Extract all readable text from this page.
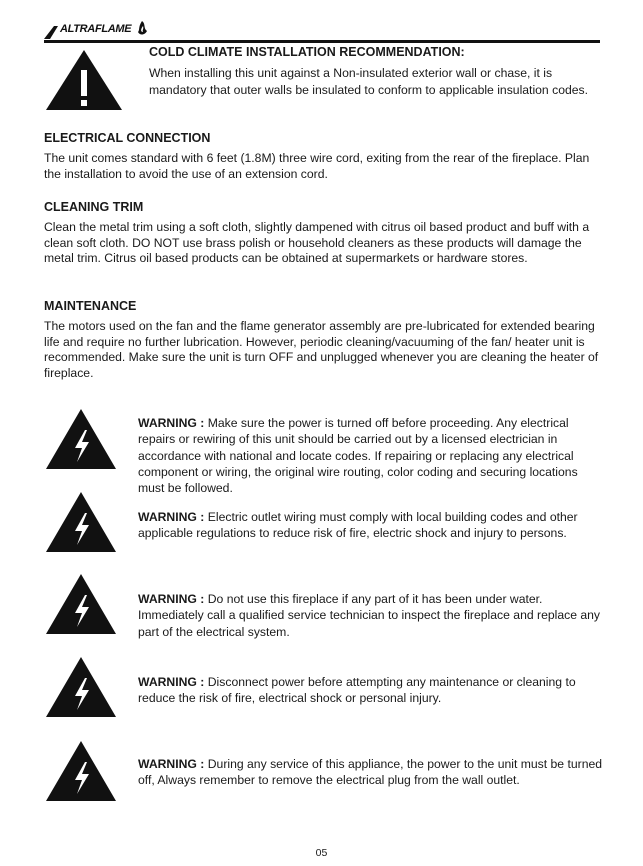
ALTRAFLAME
COLD CLIMATE INSTALLATION RECOMMENDATION:
When installing this unit against a Non-insulated exterior wall or chase, it is mandatory that outer walls be insulated to conform to applicable insulation codes.
ELECTRICAL CONNECTION
The unit comes standard with 6 feet (1.8M) three wire cord, exiting from the rear of the fireplace. Plan the installation to avoid the use of an extension cord.
CLEANING TRIM
Clean the metal trim using a soft cloth, slightly dampened with citrus oil based product and buff with a clean soft cloth. DO NOT use brass polish or household cleaners as these products will damage the metal trim. Citrus oil based products can be obtained at supermarkets or hardware stores.
MAINTENANCE
The motors used on the fan and the flame generator assembly are pre-lubricated for extended bearing life and require no further lubrication. However, periodic cleaning/vacuuming of the fan/ heater unit is recommended. Make sure the unit is turn OFF and unplugged whenever you are cleaning the heater of fireplace.
WARNING : Make sure the power is turned off before proceeding. Any electrical repairs or rewiring of this unit should be carried out by a licensed electrician in accordance with national and locate codes. If repairing or replacing any electrical component or wiring, the original wire routing, color coding and securing locations must be followed.
WARNING : Electric outlet wiring must comply with local building codes and other applicable regulations to reduce risk of fire, electric shock and injury to persons.
WARNING : Do not use this fireplace if any part of it has been under water. Immediately call a qualified service technician to inspect the fireplace and replace any part of the electrical system.
WARNING : Disconnect power before attempting any maintenance or cleaning to reduce the risk of fire, electrical shock or personal injury.
WARNING : During any service of this appliance, the power to the unit must be turned off, Always remember to remove the electrical plug from the wall outlet.
05
